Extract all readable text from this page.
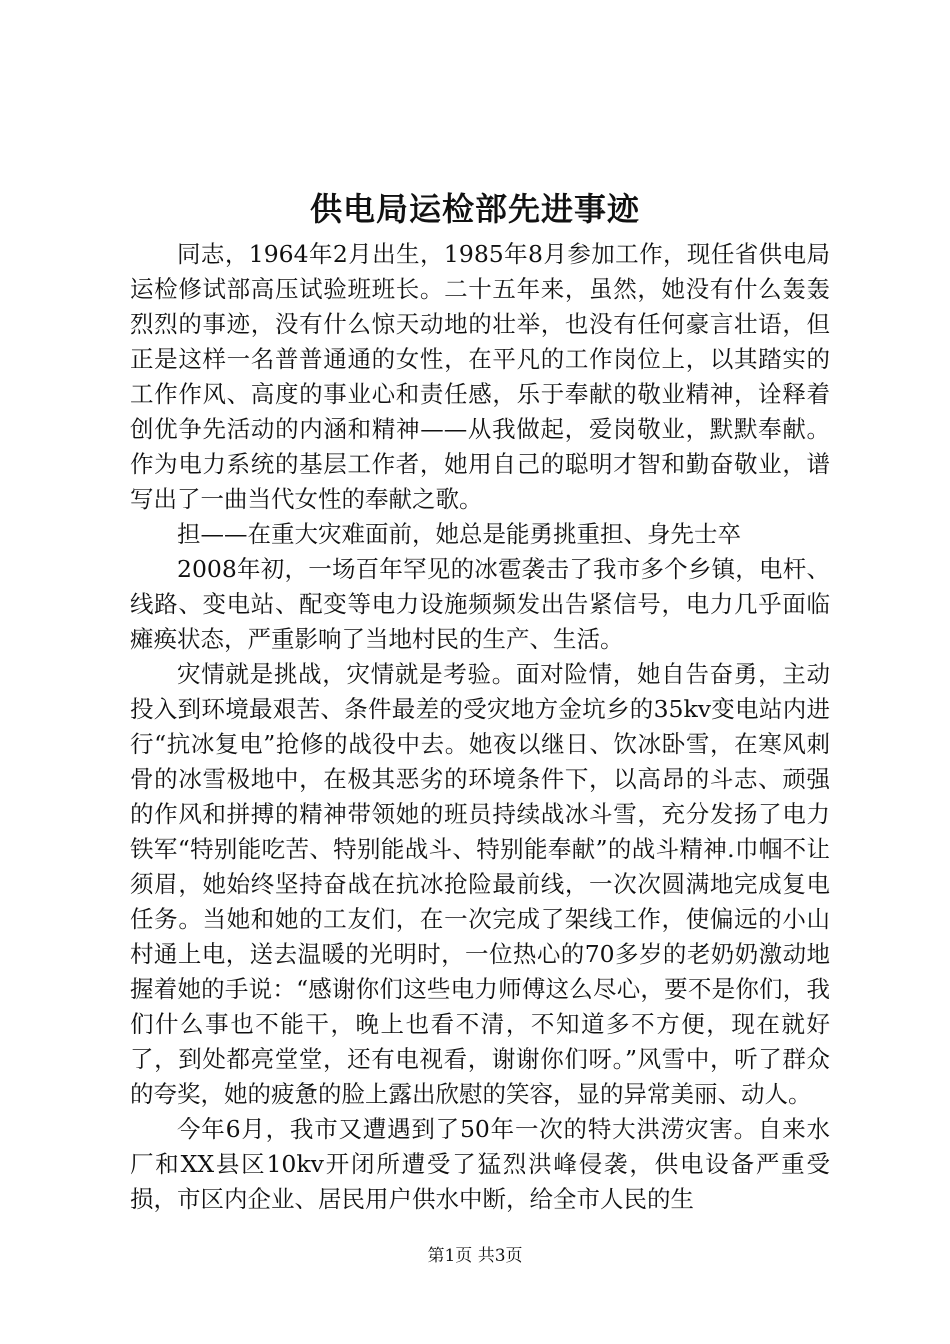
供电局运检部先进事迹

同志，1964年2月出生，1985年8月参加工作，现任省供电局运检修试部高压试验班班长。二十五年来，虽然，她没有什么轰轰烈烈的事迹，没有什么惊天动地的壮举，也没有任何豪言壮语，但正是这样一名普普通通的女性，在平凡的工作岗位上，以其踏实的工作作风、高度的事业心和责任感，乐于奉献的敬业精神，诠释着创优争先活动的内涵和精神——从我做起，爱岗敬业，默默奉献。作为电力系统的基层工作者，她用自己的聪明才智和勤奋敬业，谱写出了一曲当代女性的奉献之歌。

担——在重大灾难面前，她总是能勇挑重担、身先士卒

2008年初，一场百年罕见的冰雹袭击了我市多个乡镇，电杆、线路、变电站、配变等电力设施频频发出告紧信号，电力几乎面临瘫痪状态，严重影响了当地村民的生产、生活。

灾情就是挑战，灾情就是考验。面对险情，她自告奋勇，主动投入到环境最艰苦、条件最差的受灾地方金坑乡的35kv变电站内进行“抗冰复电”抢修的战役中去。她夜以继日、饮冰卧雪，在寒风刺骨的冰雪极地中，在极其恶劣的环境条件下，以高昂的斗志、顽强的作风和拼搏的精神带领她的班员持续战冰斗雪，充分发扬了电力铁军“特别能吃苦、特别能战斗、特别能奉献”的战斗精神.巾帼不让须眉，她始终坚持奋战在抗冰抢险最前线，一次次圆满地完成复电任务。当她和她的工友们，在一次完成了架线工作，使偏远的小山村通上电，送去温暖的光明时，一位热心的70多岁的老奶奶激动地握着她的手说：“感谢你们这些电力师傅这么尽心，要不是你们，我们什么事也不能干，晚上也看不清，不知道多不方便，现在就好了，到处都亮堂堂，还有电视看，谢谢你们呀。”风雪中，听了群众的夸奖，她的疲惫的脸上露出欣慰的笑容，显的异常美丽、动人。

今年6月，我市又遭遇到了50年一次的特大洪涝灾害。自来水厂和XX县区10kv开闭所遭受了猛烈洪峰侵袭，供电设备严重受损，市区内企业、居民用户供水中断，给全市人民的生

第1页 共3页
